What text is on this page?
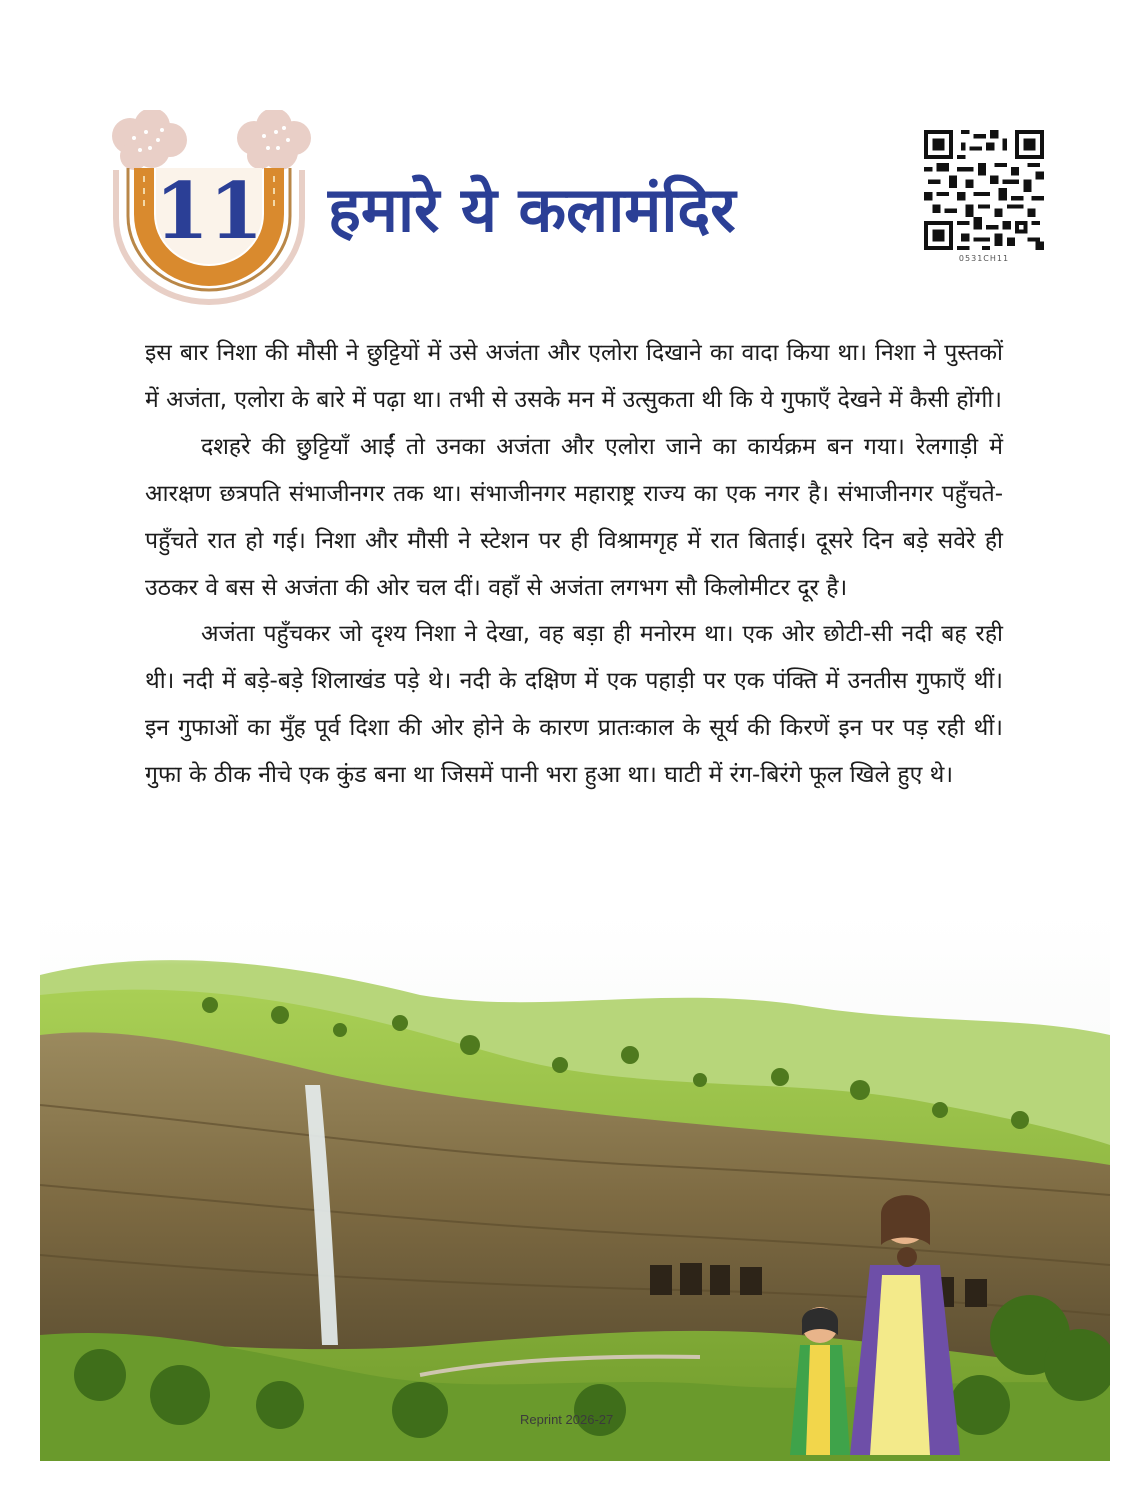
11 हमारे ये कलामंदिर
0531CH11

इस बार निशा की मौसी ने छुट्टियों में उसे अजंता और एलोरा दिखाने का वादा किया था। निशा ने पुस्तकों में अजंता, एलोरा के बारे में पढ़ा था। तभी से उसके मन में उत्सुकता थी कि ये गुफाएँ देखने में कैसी होंगी।

दशहरे की छुट्टियाँ आईं तो उनका अजंता और एलोरा जाने का कार्यक्रम बन गया। रेलगाड़ी में आरक्षण छत्रपति संभाजीनगर तक था। संभाजीनगर महाराष्ट्र राज्य का एक नगर है। संभाजीनगर पहुँचते-पहुँचते रात हो गई। निशा और मौसी ने स्टेशन पर ही विश्रामगृह में रात बिताई। दूसरे दिन बड़े सवेरे ही उठकर वे बस से अजंता की ओर चल दीं। वहाँ से अजंता लगभग सौ किलोमीटर दूर है।

अजंता पहुँचकर जो दृश्य निशा ने देखा, वह बड़ा ही मनोरम था। एक ओर छोटी-सी नदी बह रही थी। नदी में बड़े-बड़े शिलाखंड पड़े थे। नदी के दक्षिण में एक पहाड़ी पर एक पंक्ति में उनतीस गुफाएँ थीं। इन गुफाओं का मुँह पूर्व दिशा की ओर होने के कारण प्रातःकाल के सूर्य की किरणें इन पर पड़ रही थीं। गुफा के ठीक नीचे एक कुंड बना था जिसमें पानी भरा हुआ था। घाटी में रंग-बिरंगे फूल खिले हुए थे।

Reprint 2026-27
